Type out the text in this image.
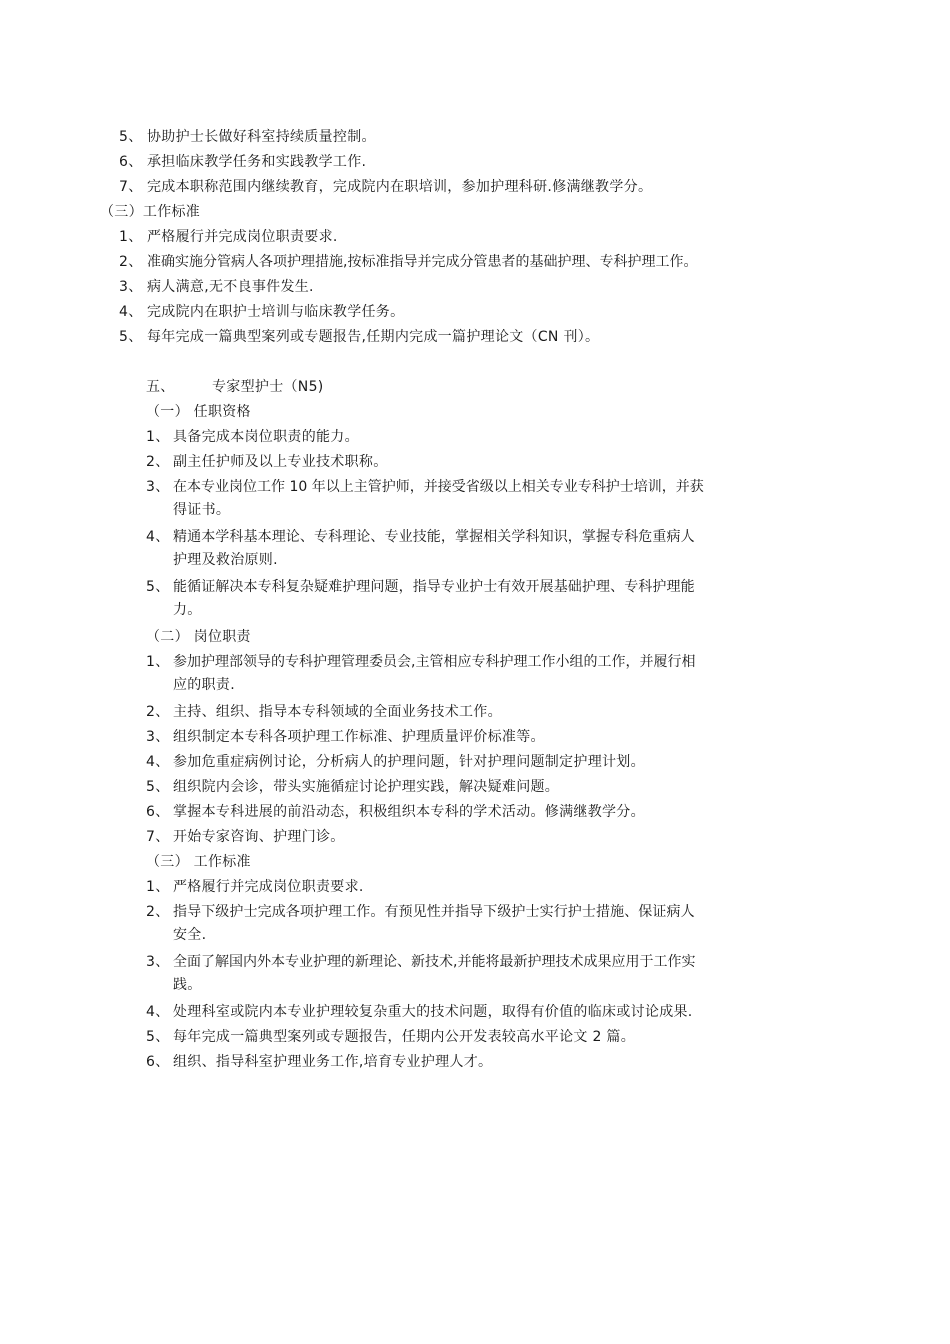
5、 协助护士长做好科室持续质量控制。
6、 承担临床教学任务和实践教学工作.
7、 完成本职称范围内继续教育，完成院内在职培训，参加护理科研.修满继教学分。
（三）工作标准
1、 严格履行并完成岗位职责要求.
2、 准确实施分管病人各项护理措施,按标准指导并完成分管患者的基础护理、专科护理工作。
3、 病人满意,无不良事件发生.
4、 完成院内在职护士培训与临床教学任务。
5、 每年完成一篇典型案列或专题报告,任期内完成一篇护理论文（CN 刊）。
五、	专家型护士（N5)
（一） 任职资格
1、 具备完成本岗位职责的能力。
2、 副主任护师及以上专业技术职称。
3、 在本专业岗位工作 10 年以上主管护师，并接受省级以上相关专业专科护士培训，并获
得证书。
4、 精通本学科基本理论、专科理论、专业技能，掌握相关学科知识，掌握专科危重病人
护理及救治原则.
5、 能循证解决本专科复杂疑难护理问题，指导专业护士有效开展基础护理、专科护理能
力。
（二） 岗位职责
1、 参加护理部领导的专科护理管理委员会,主管相应专科护理工作小组的工作，并履行相
应的职责.
2、 主持、组织、指导本专科领域的全面业务技术工作。
3、 组织制定本专科各项护理工作标准、护理质量评价标准等。
4、 参加危重症病例讨论，分析病人的护理问题，针对护理问题制定护理计划。
5、 组织院内会诊，带头实施循症讨论护理实践，解决疑难问题。
6、 掌握本专科进展的前沿动态，积极组织本专科的学术活动。修满继教学分。
7、 开始专家咨询、护理门诊。
（三） 工作标准
1、 严格履行并完成岗位职责要求.
2、 指导下级护士完成各项护理工作。有预见性并指导下级护士实行护士措施、保证病人
安全.
3、 全面了解国内外本专业护理的新理论、新技术,并能将最新护理技术成果应用于工作实
践。
4、 处理科室或院内本专业护理较复杂重大的技术问题，取得有价值的临床或讨论成果.
5、 每年完成一篇典型案列或专题报告，任期内公开发表较高水平论文 2 篇。
6、 组织、指导科室护理业务工作,培育专业护理人才。
